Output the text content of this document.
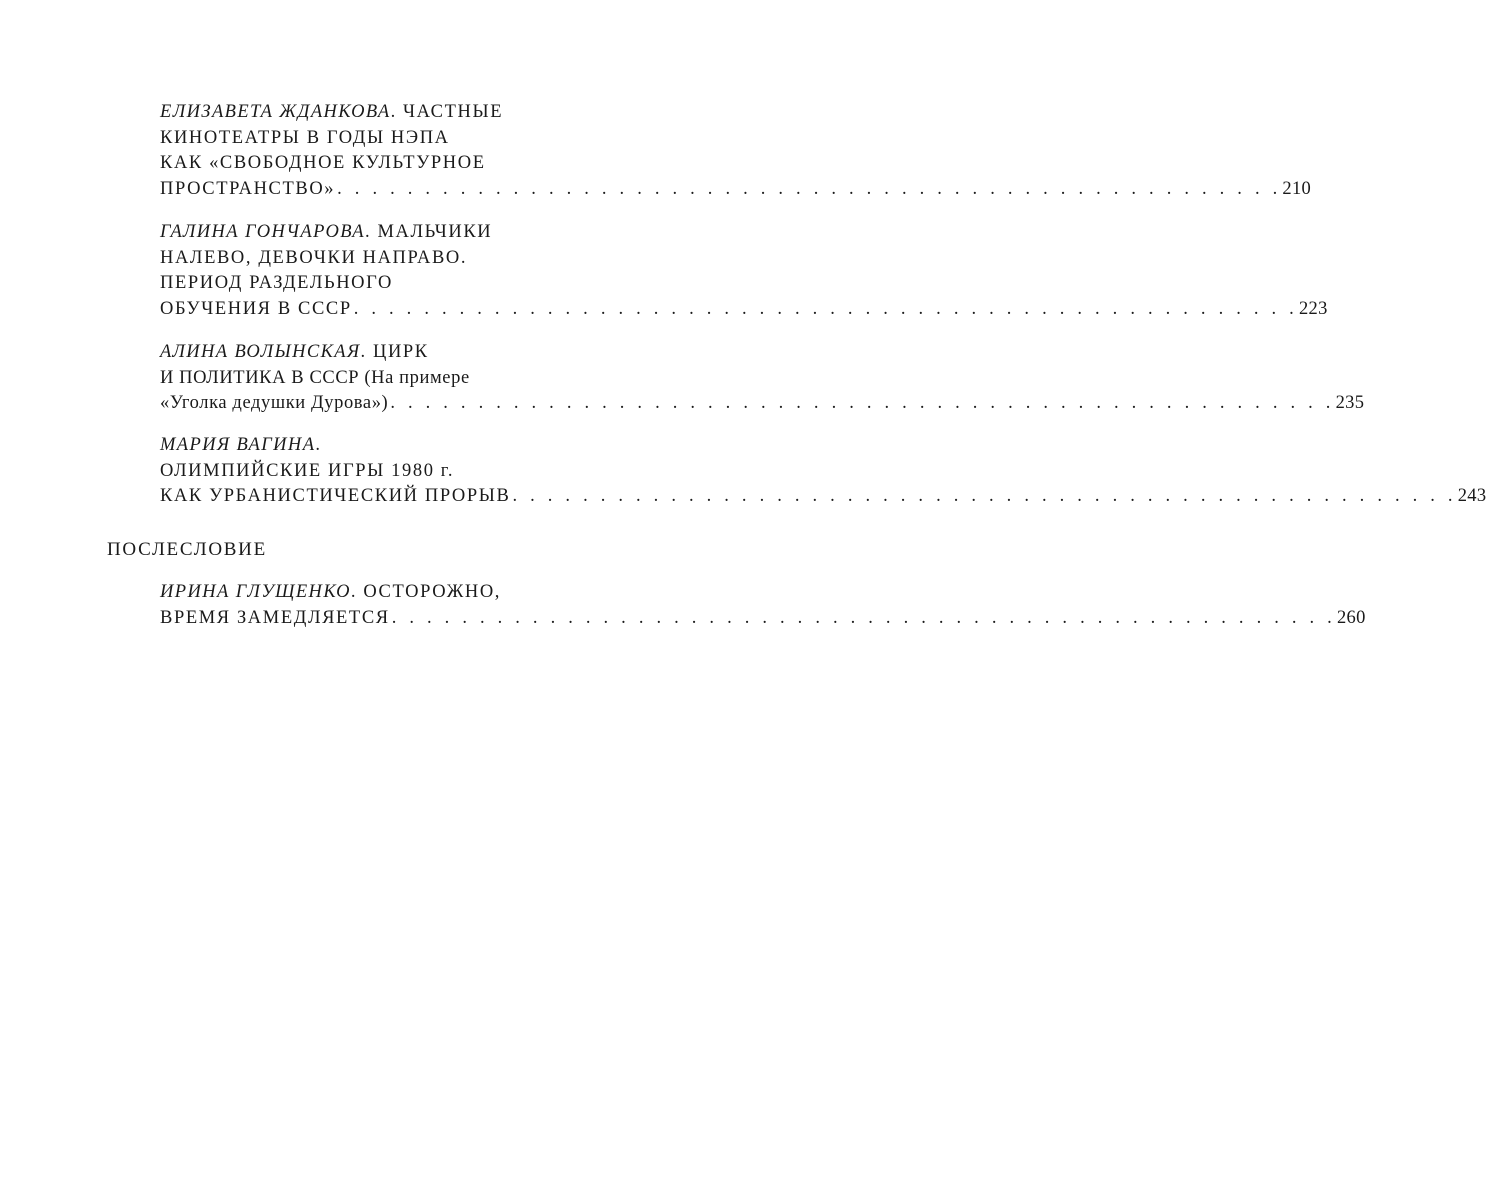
ЕЛИЗАВЕТА ЖДАНКОВА. ЧАСТНЫЕ
КИНОТЕАТРЫ В ГОДЫ НЭПА
КАК «СВОБОДНОЕ КУЛЬТУРНОЕ
ПРОСТРАНСТВО» . . . . . . . . . . . . . . . . . . . . . . . . . . . . . . . . . . . . . . . . . . . . . . . . . . . . . . 210
ГАЛИНА ГОНЧАРОВА. МАЛЬЧИКИ
НАЛЕВО, ДЕВОЧКИ НАПРАВО.
ПЕРИОД РАЗДЕЛЬНОГО
ОБУЧЕНИЯ В СССР . . . . . . . . . . . . . . . . . . . . . . . . . . . . . . . . . . . . . . . . . . . . . . . . . . . . . . 223
АЛИНА ВОЛЫНСКАЯ. ЦИРК
И ПОЛИТИКА В СССР (На примере
«Уголка дедушки Дурова») . . . . . . . . . . . . . . . . . . . . . . . . . . . . . . . . . . . . . . . . . . . . . . . . . . . . . . 235
МАРИЯ ВАГИНА.
ОЛИМПИЙСКИЕ ИГРЫ 1980 г.
КАК УРБАНИСТИЧЕСКИЙ ПРОРЫВ . . . . . . . . . . . . . . . . . . . . . . . . . . . . . . . . . . . . . . . . . . . . . . . . . . . . . . 243
ПОСЛЕСЛОВИЕ
ИРИНА ГЛУЩЕНКО. ОСТОРОЖНО,
ВРЕМЯ ЗАМЕДЛЯЕТСЯ . . . . . . . . . . . . . . . . . . . . . . . . . . . . . . . . . . . . . . . . . . . . . . . . . . . . . . 260
